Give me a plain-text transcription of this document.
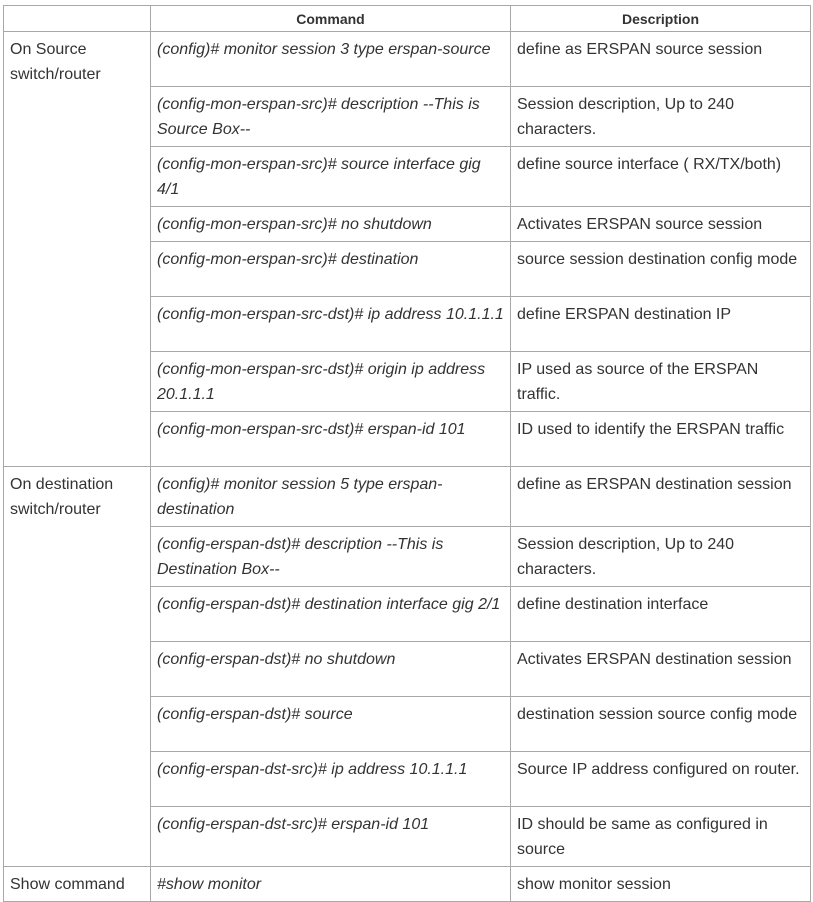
	Command	Description
On Source switch/router	(config)# monitor session 3 type erspan-source	define as ERSPAN source session
	(config-mon-erspan-src)# description --This is Source Box--	Session description, Up to 240 characters.
	(config-mon-erspan-src)# source interface gig 4/1	define source interface ( RX/TX/both)
	(config-mon-erspan-src)# no shutdown	Activates ERSPAN source session
	(config-mon-erspan-src)# destination	source session destination config mode
	(config-mon-erspan-src-dst)# ip address 10.1.1.1	define ERSPAN destination IP
	(config-mon-erspan-src-dst)# origin ip address 20.1.1.1	IP used as source of the ERSPAN traffic.
	(config-mon-erspan-src-dst)# erspan-id 101	ID used to identify the ERSPAN traffic
On destination switch/router	(config)# monitor session 5 type erspan-destination	define as ERSPAN destination session
	(config-erspan-dst)# description --This is Destination Box--	Session description, Up to 240 characters.
	(config-erspan-dst)# destination interface gig 2/1	define destination interface
	(config-erspan-dst)# no shutdown	Activates ERSPAN destination session
	(config-erspan-dst)# source	destination session source config mode
	(config-erspan-dst-src)# ip address 10.1.1.1	Source IP address configured on router.
	(config-erspan-dst-src)# erspan-id 101	ID should be same as configured in source
Show command	#show monitor	show monitor session
